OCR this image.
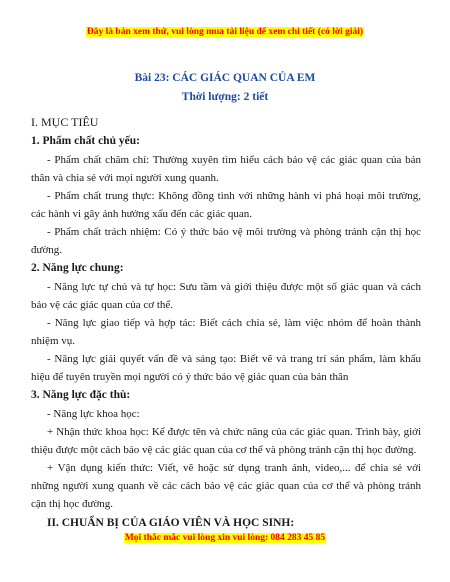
Đây là bản xem thử, vui lòng mua tài liệu để xem chi tiết (có lời giải)
Bài 23: CÁC GIÁC QUAN CỦA EM
Thời lượng: 2 tiết
I. MỤC TIÊU
1. Phẩm chất chủ yếu:
- Phẩm chất chăm chỉ: Thường xuyên tìm hiểu cách bảo vệ các giác quan của bản thân và chia sẻ với mọi người xung quanh.
- Phẩm chất trung thực: Không đồng tình với những hành vi phá hoại môi trường, các hành vi gây ảnh hưởng xấu đến các giác quan.
- Phẩm chất trách nhiệm: Có ý thức bảo vệ môi trường và phòng tránh cận thị học đường.
2. Năng lực chung:
- Năng lực tự chủ và tự học: Sưu tầm và giới thiệu được một số giác quan và cách bảo vệ các giác quan của cơ thể.
- Năng lực giao tiếp và hợp tác: Biết cách chia sẻ, làm việc nhóm để hoàn thành nhiệm vụ.
- Năng lực giải quyết vấn đề và sáng tạo: Biết vẽ và trang trí sản phẩm, làm khẩu hiệu để tuyên truyền mọi người có ý thức bảo vệ giác quan của bản thân
3. Năng lực đặc thù:
- Năng lực khoa học:
+ Nhận thức khoa học: Kể được tên và chức năng của các giác quan. Trình bày, giới thiệu được một cách bảo vệ các giác quan của cơ thể và phòng tránh cận thị học đường.
+ Vận dụng kiến thức: Viết, vẽ hoặc sử dụng tranh ảnh, video,... để chia sẻ với những người xung quanh về các cách bảo vệ các giác quan của cơ thể và phòng tránh cận thị học đường.
II. CHUẨN BỊ CỦA GIÁO VIÊN VÀ HỌC SINH:
Mọi thắc mắc vui lòng xin vui lòng: 084 283 45 85
